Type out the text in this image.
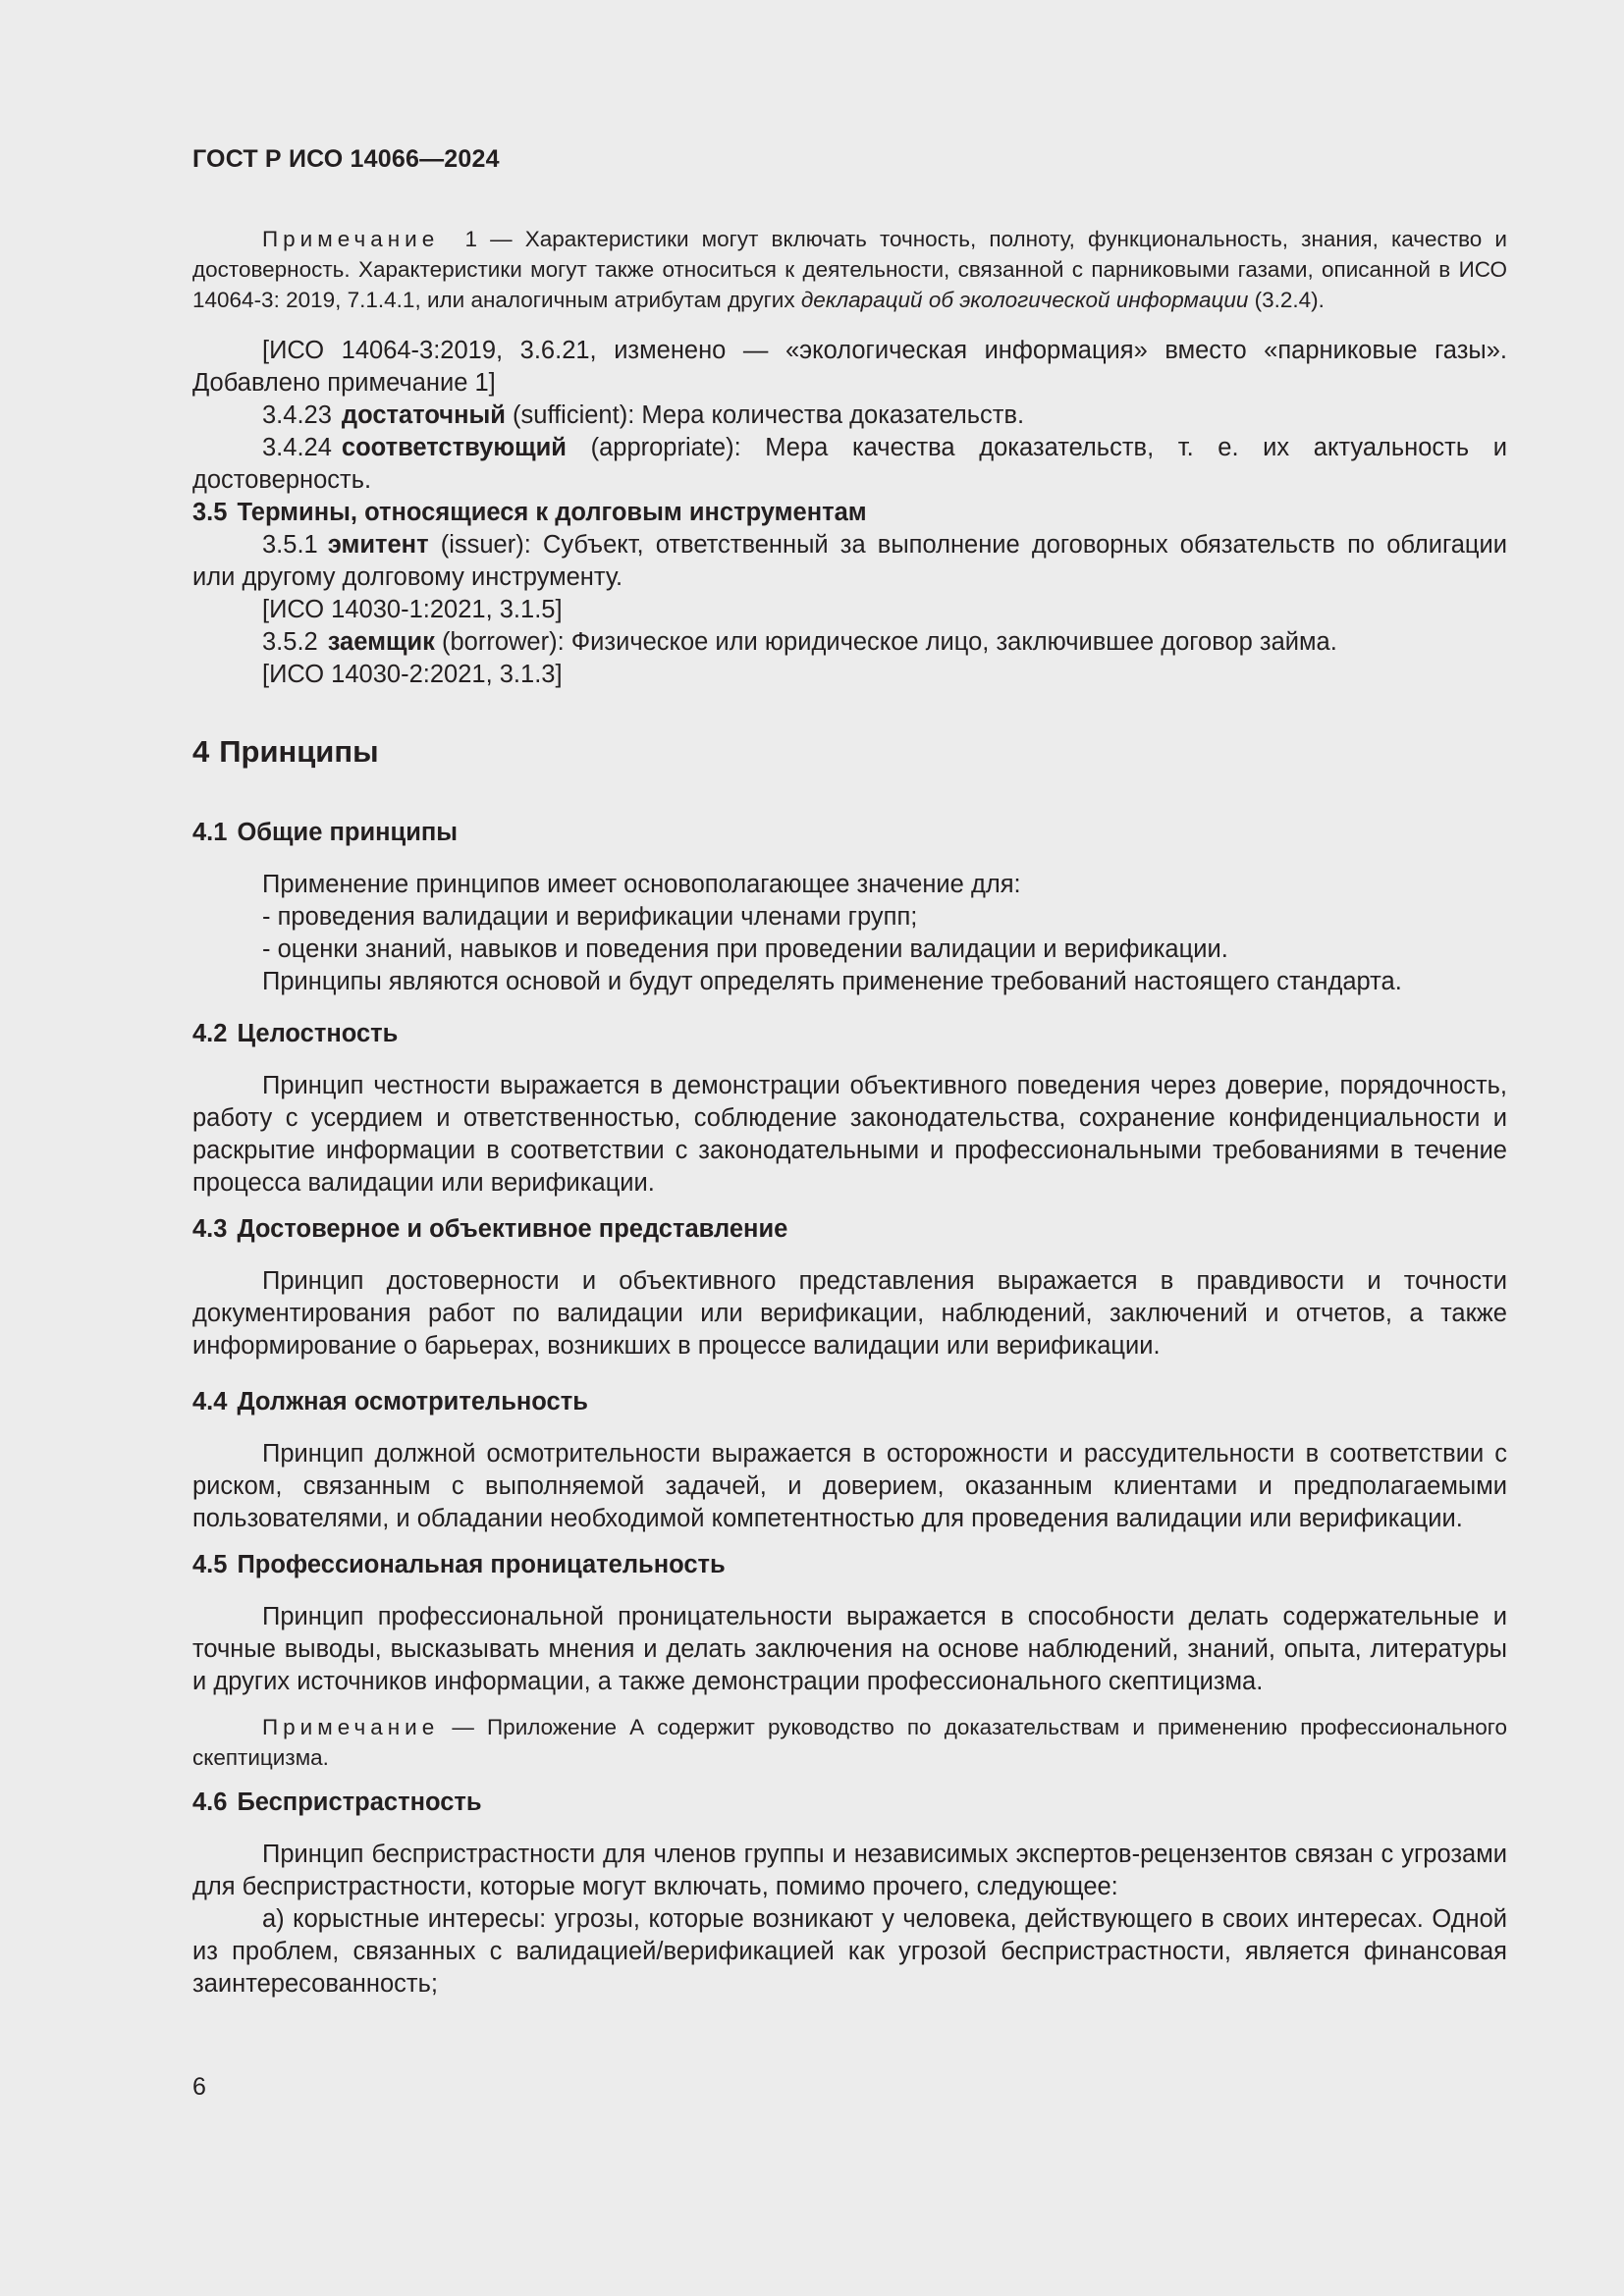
ГОСТ Р ИСО 14066—2024

Примечание 1 — Характеристики могут включать точность, полноту, функциональность, знания, качество и достоверность. Характеристики могут также относиться к деятельности, связанной с парниковыми газами, описанной в ИСО 14064-3: 2019, 7.1.4.1, или аналогичным атрибутам других деклараций об экологической информации (3.2.4).

[ИСО 14064-3:2019, 3.6.21, изменено — «экологическая информация» вместо «парниковые газы». Добавлено примечание 1]

3.4.23 достаточный (sufficient): Мера количества доказательств.

3.4.24 соответствующий (appropriate): Мера качества доказательств, т. е. их актуальность и достоверность.

3.5 Термины, относящиеся к долговым инструментам

3.5.1 эмитент (issuer): Субъект, ответственный за выполнение договорных обязательств по облигации или другому долговому инструменту.

[ИСО 14030-1:2021, 3.1.5]

3.5.2 заемщик (borrower): Физическое или юридическое лицо, заключившее договор займа.

[ИСО 14030-2:2021, 3.1.3]

4 Принципы

4.1 Общие принципы

Применение принципов имеет основополагающее значение для:

- проведения валидации и верификации членами групп;

- оценки знаний, навыков и поведения при проведении валидации и верификации.

Принципы являются основой и будут определять применение требований настоящего стандарта.

4.2 Целостность

Принцип честности выражается в демонстрации объективного поведения через доверие, порядочность, работу с усердием и ответственностью, соблюдение законодательства, сохранение конфиденциальности и раскрытие информации в соответствии с законодательными и профессиональными требованиями в течение процесса валидации или верификации.

4.3 Достоверное и объективное представление

Принцип достоверности и объективного представления выражается в правдивости и точности документирования работ по валидации или верификации, наблюдений, заключений и отчетов, а также информирование о барьерах, возникших в процессе валидации или верификации.

4.4 Должная осмотрительность

Принцип должной осмотрительности выражается в осторожности и рассудительности в соответствии с риском, связанным с выполняемой задачей, и доверием, оказанным клиентами и предполагаемыми пользователями, и обладании необходимой компетентностью для проведения валидации или верификации.

4.5 Профессиональная проницательность

Принцип профессиональной проницательности выражается в способности делать содержательные и точные выводы, высказывать мнения и делать заключения на основе наблюдений, знаний, опыта, литературы и других источников информации, а также демонстрации профессионального скептицизма.

Примечание — Приложение А содержит руководство по доказательствам и применению профессионального скептицизма.

4.6 Беспристрастность

Принцип беспристрастности для членов группы и независимых экспертов-рецензентов связан с угрозами для беспристрастности, которые могут включать, помимо прочего, следующее:

а) корыстные интересы: угрозы, которые возникают у человека, действующего в своих интересах. Одной из проблем, связанных с валидацией/верификацией как угрозой беспристрастности, является финансовая заинтересованность;

6
